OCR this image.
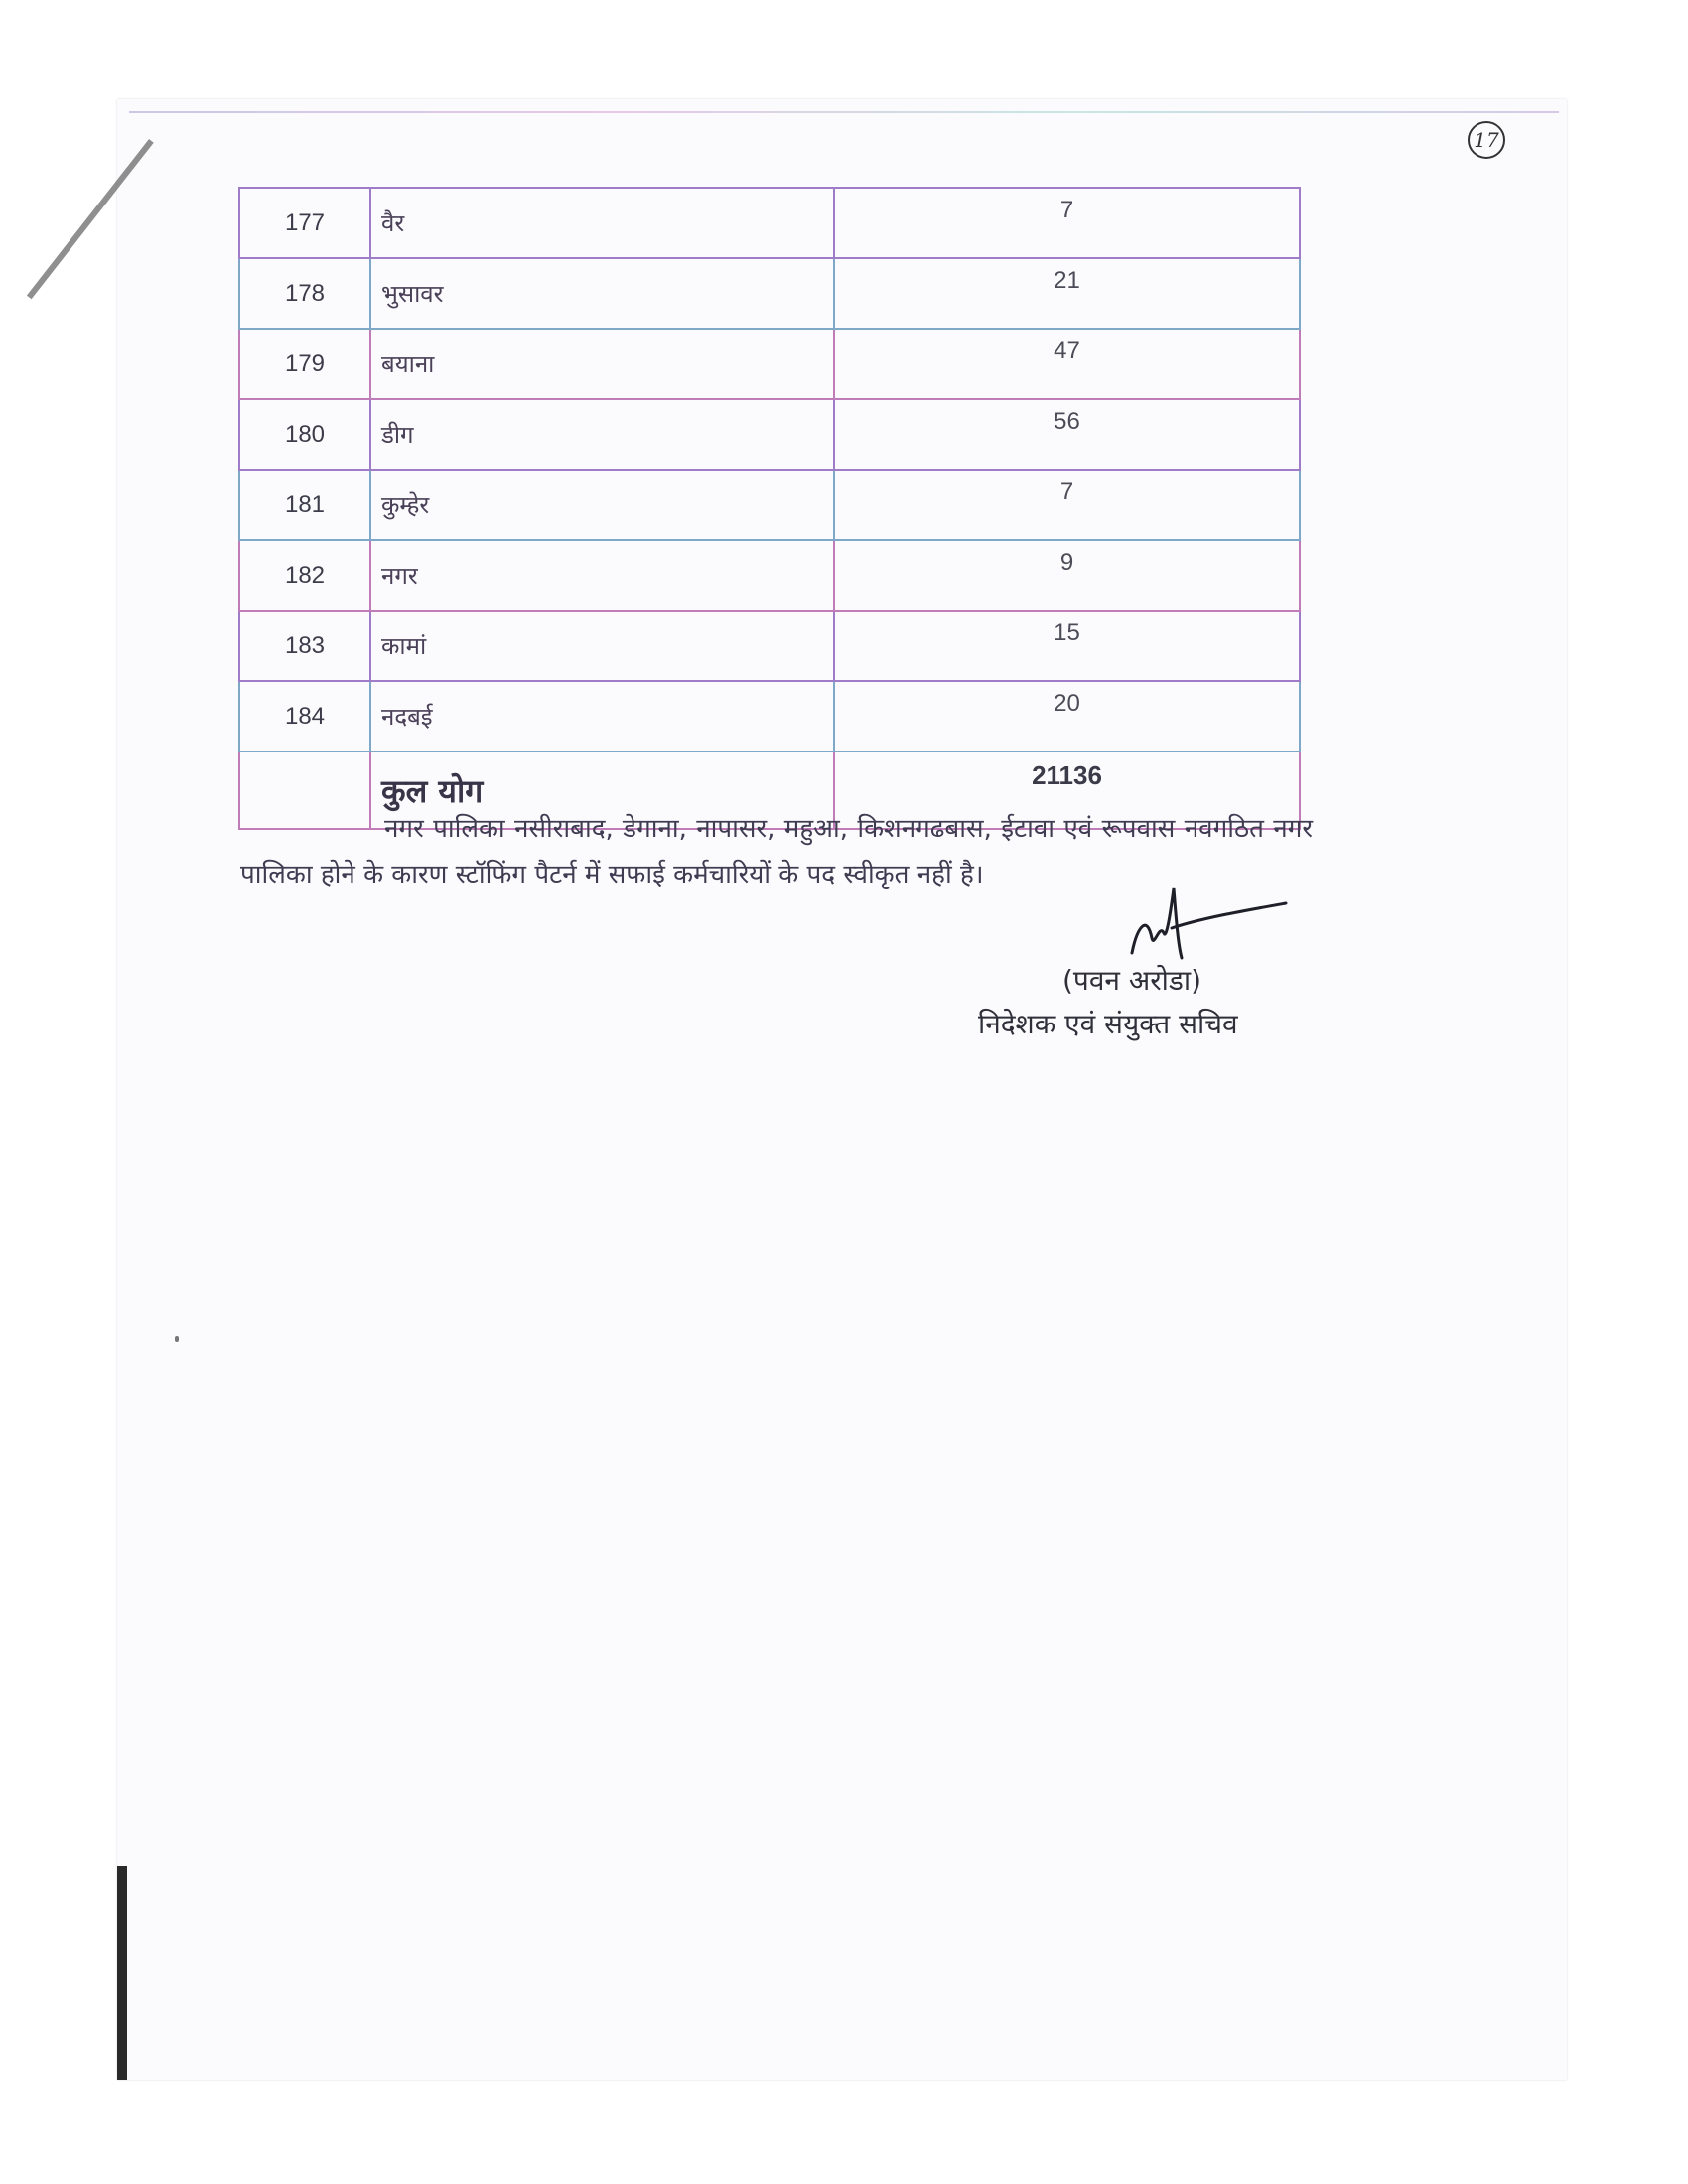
17
177	वैर	7
178	भुसावर	21
179	बयाना	47
180	डीग	56
181	कुम्हेर	7
182	नगर	9
183	कामां	15
184	नदबई	20
	कुल योग	21136
नगर पालिका नसीराबाद, डेगाना, नापासर, महुआ, किशनगढबास, ईटावा एवं रूपवास नवगठित नगर पालिका होने के कारण स्टॉफिंग पैटर्न में सफाई कर्मचारियों के पद स्वीकृत नहीं है।
(पवन अरोडा)
निदेशक एवं संयुक्त सचिव
